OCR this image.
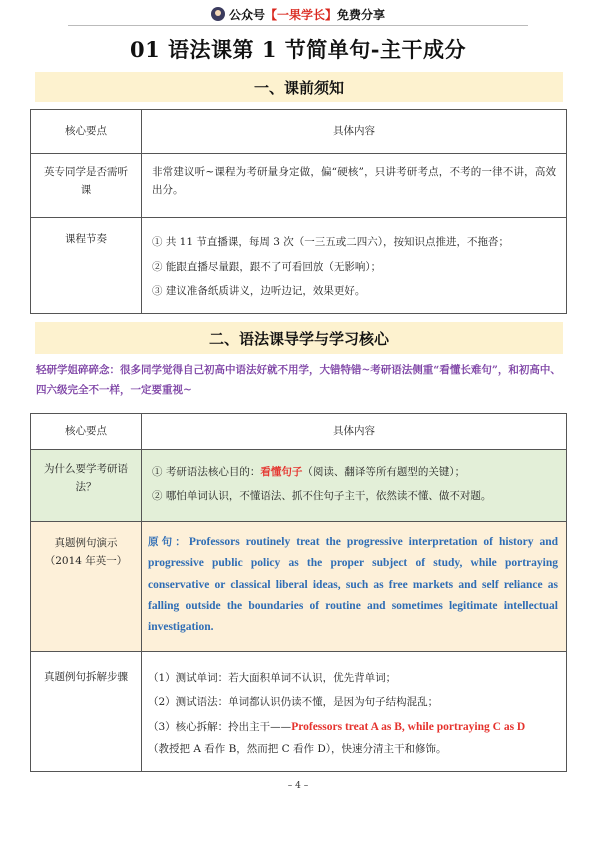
公众号【一果学长】免费分享
01 语法课第 1 节简单句-主干成分
一、课前须知
核心要点	具体内容
英专同学是否需听课	非常建议听~课程为考研量身定做，偏“硬核”，只讲考研考点，不考的一律不讲，高效出分。
课程节奏	① 共 11 节直播课，每周 3 次（一三五或二四六），按知识点推进，不拖沓；
② 能跟直播尽量跟，跟不了可看回放（无影响）；
③ 建议准备纸质讲义，边听边记，效果更好。
二、语法课导学与学习核心
轻研学姐碎碎念：很多同学觉得自己初高中语法好就不用学，大错特错~考研语法侧重“看懂长难句”，和初高中、四六级完全不一样，一定要重视~
核心要点	具体内容
为什么要学考研语法？	① 考研语法核心目的：看懂句子（阅读、翻译等所有题型的关键）；
② 哪怕单词认识，不懂语法、抓不住句子主干，依然读不懂、做不对题。

真题例句演示
（2014 年英一）	原句：Professors routinely treat the progressive interpretation of history and progressive public policy as the proper subject of study, while portraying conservative or classical liberal ideas, such as free markets and self reliance as falling outside the boundaries of routine and sometimes legitimate intellectual investigation.
真题例句拆解步骤	（1）测试单词：若大面积单词不认识，优先背单词；
（2）测试语法：单词都认识仍读不懂，是因为句子结构混乱；
（3）核心拆解：拎出主干——Professors treat A as B, while portraying C as D
（教授把 A 看作 B，然而把 C 看作 D），快速分清主干和修饰。
– 4 –
